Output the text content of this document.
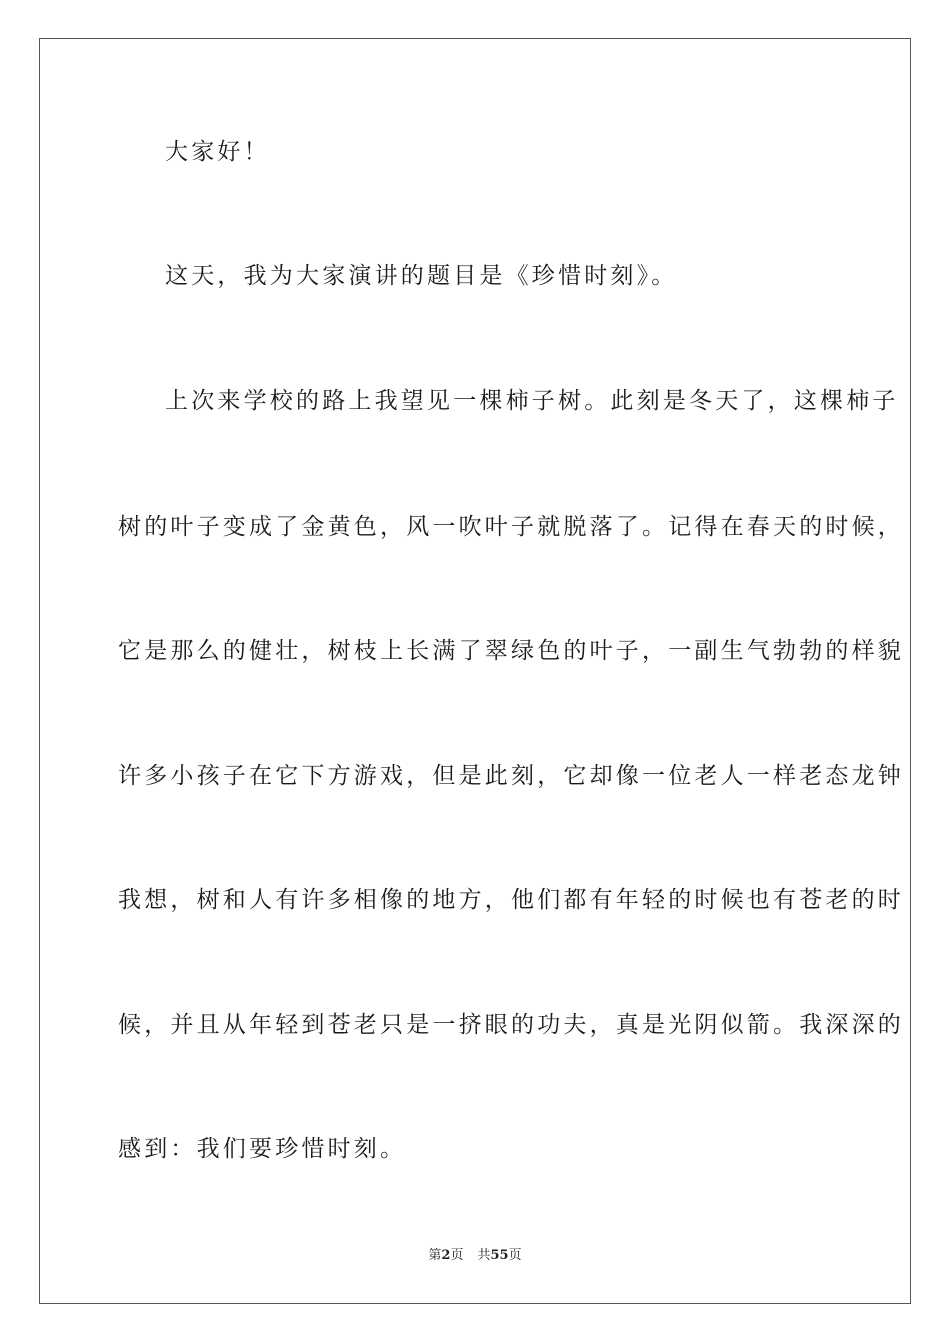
大家好！
这天，我为大家演讲的题目是《珍惜时刻》。
上次来学校的路上我望见一棵柿子树。此刻是冬天了，这棵柿子
树的叶子变成了金黄色，风一吹叶子就脱落了。记得在春天的时候，
它是那么的健壮，树枝上长满了翠绿色的叶子，一副生气勃勃的样貌
许多小孩子在它下方游戏，但是此刻，它却像一位老人一样老态龙钟
我想，树和人有许多相像的地方，他们都有年轻的时候也有苍老的时
候，并且从年轻到苍老只是一挤眼的功夫，真是光阴似箭。我深深的
感到：我们要珍惜时刻。
第2页 共55页
